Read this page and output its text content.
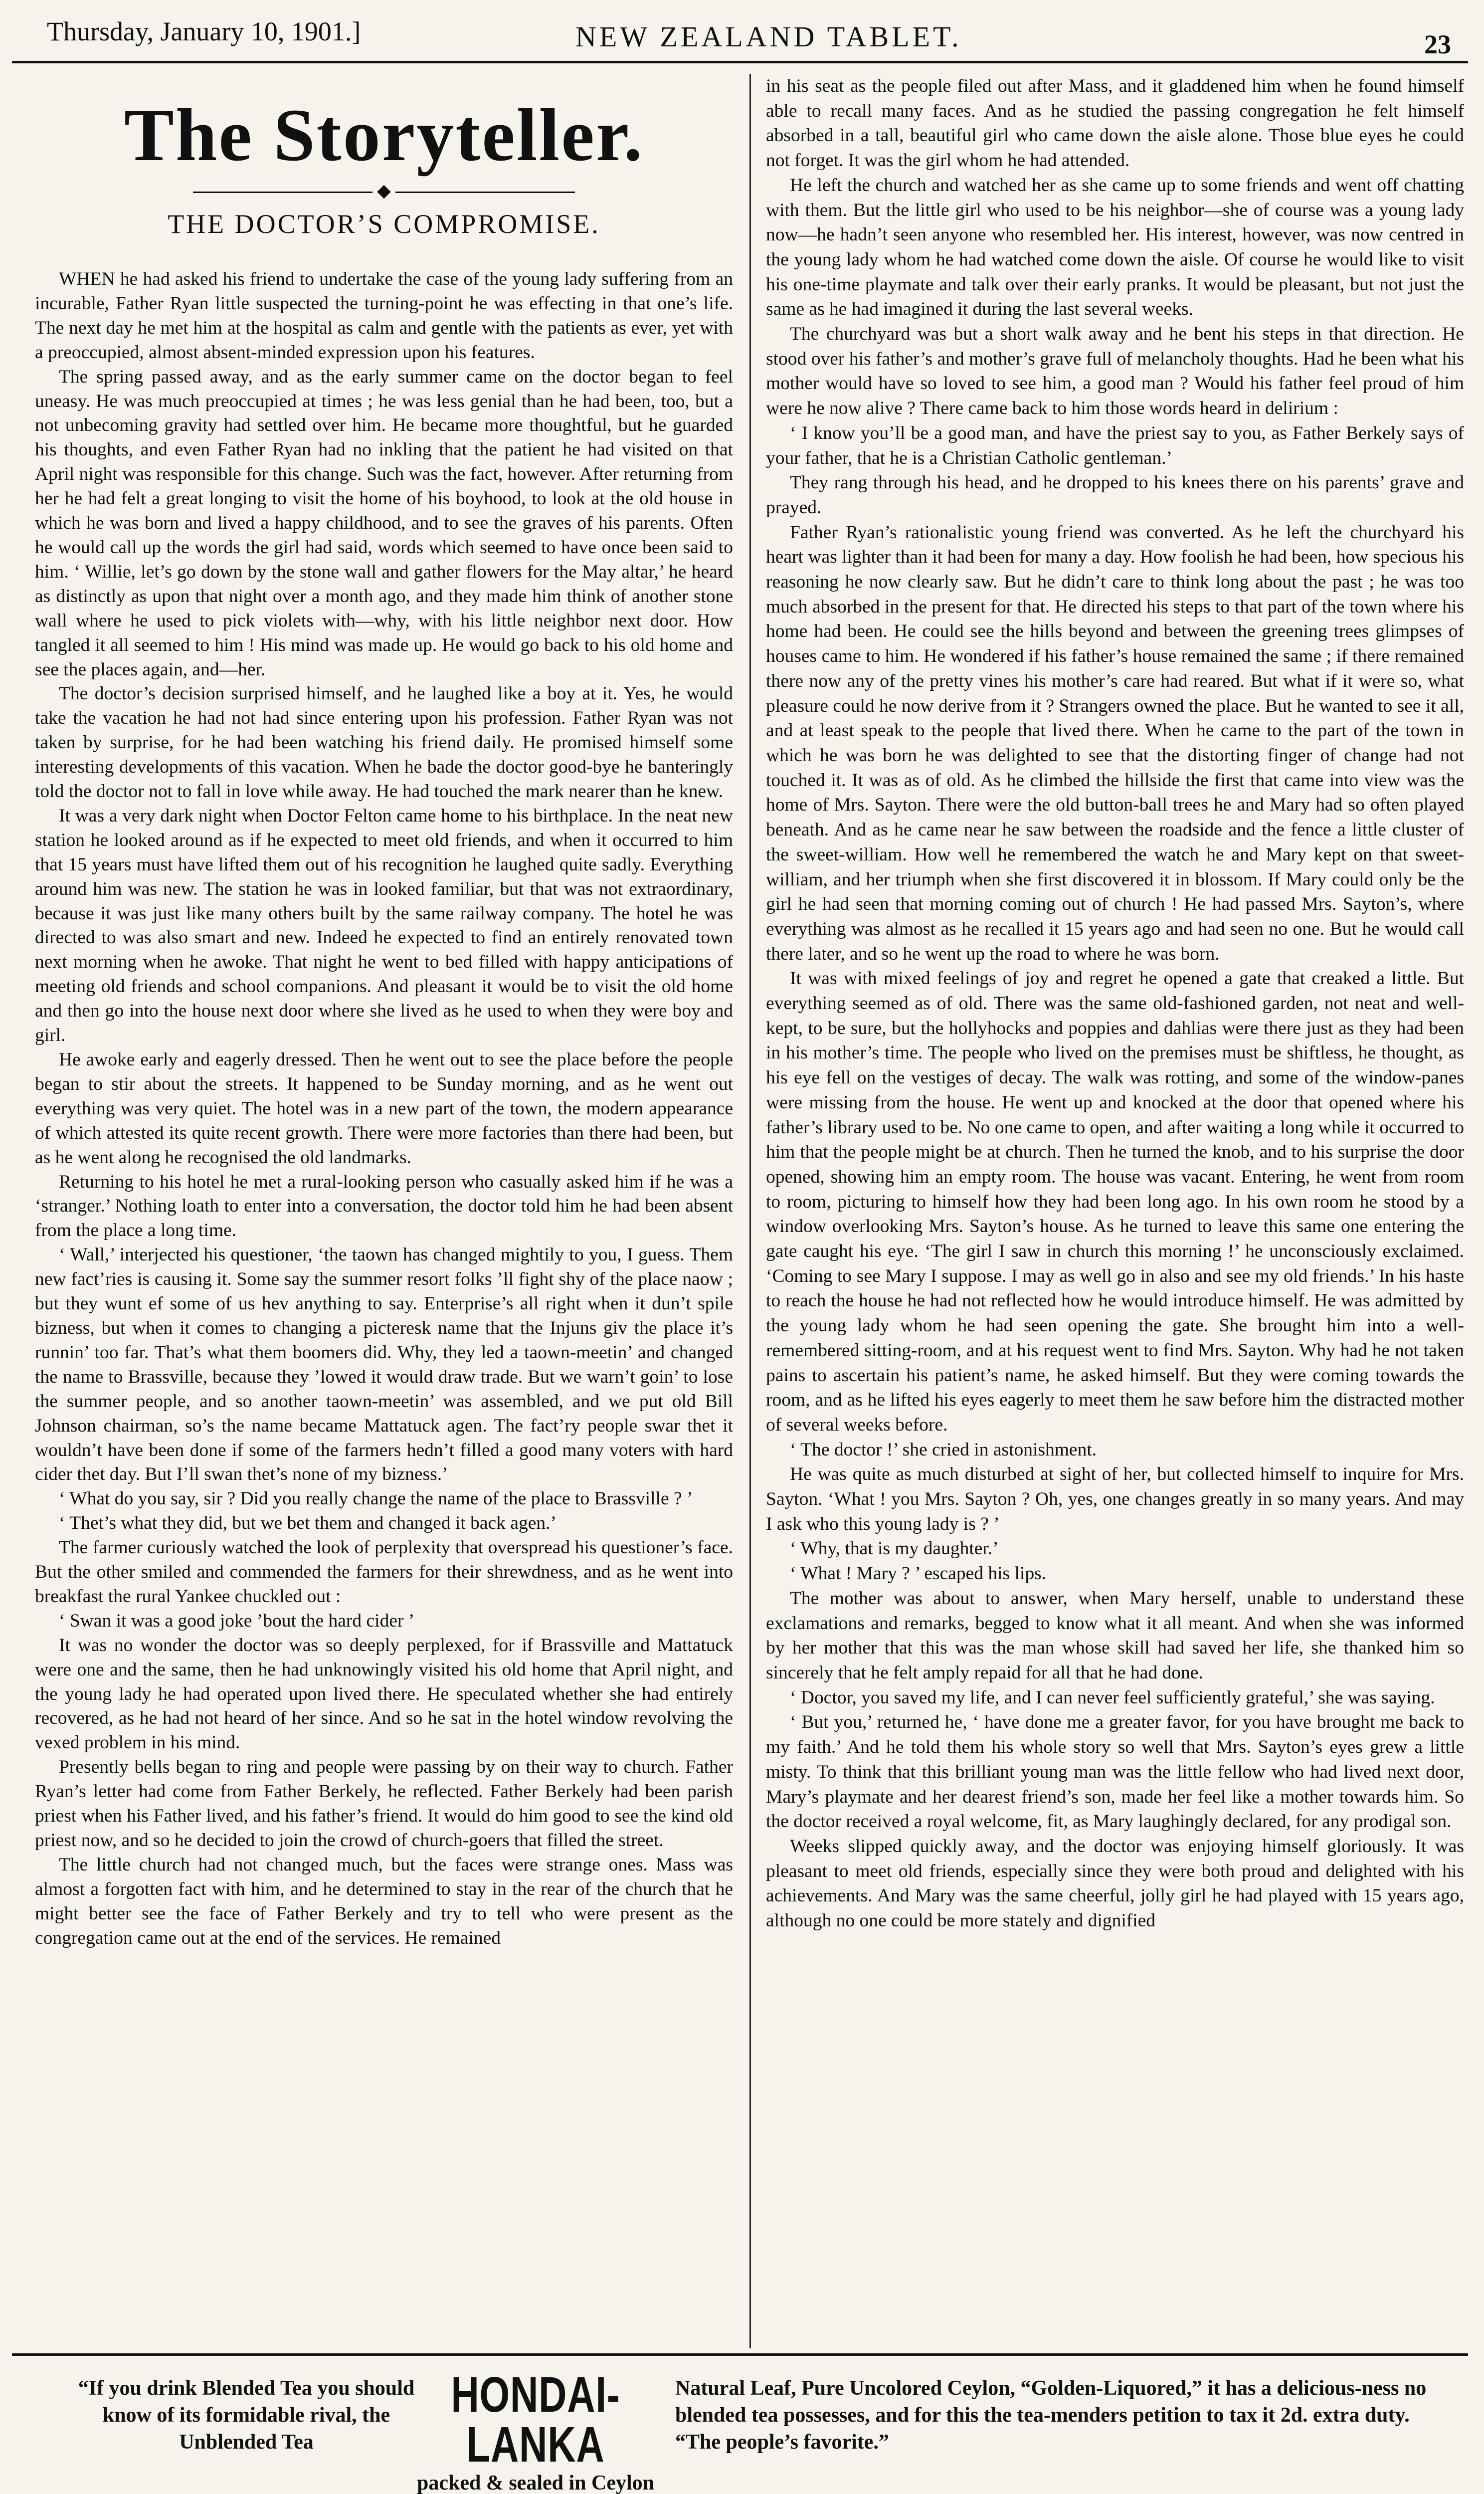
Thursday, January 10, 1901.]	NEW ZEALAND TABLET.	23
The Storyteller.
◆
THE DOCTOR’S COMPROMISE.

WHEN he had asked his friend to undertake the case of the young lady suffering from an incurable, Father Ryan little suspected the turning-point he was effecting in that one’s life. The next day he met him at the hospital as calm and gentle with the patients as ever, yet with a preoccupied, almost absent-minded expression upon his features.

The spring passed away, and as the early summer came on the doctor began to feel uneasy. He was much preoccupied at times ; he was less genial than he had been, too, but a not unbecoming gravity had settled over him. He became more thoughtful, but he guarded his thoughts, and even Father Ryan had no inkling that the patient he had visited on that April night was responsible for this change. Such was the fact, however. After returning from her he had felt a great longing to visit the home of his boyhood, to look at the old house in which he was born and lived a happy childhood, and to see the graves of his parents. Often he would call up the words the girl had said, words which seemed to have once been said to him. ‘ Willie, let’s go down by the stone wall and gather flowers for the May altar,’ he heard as distinctly as upon that night over a month ago, and they made him think of another stone wall where he used to pick violets with—why, with his little neighbor next door. How tangled it all seemed to him ! His mind was made up. He would go back to his old home and see the places again, and—her.

The doctor’s decision surprised himself, and he laughed like a boy at it. Yes, he would take the vacation he had not had since entering upon his profession. Father Ryan was not taken by surprise, for he had been watching his friend daily. He promised himself some interesting developments of this vacation. When he bade the doctor good-bye he banteringly told the doctor not to fall in love while away. He had touched the mark nearer than he knew.

It was a very dark night when Doctor Felton came home to his birthplace. In the neat new station he looked around as if he expected to meet old friends, and when it occurred to him that 15 years must have lifted them out of his recognition he laughed quite sadly. Everything around him was new. The station he was in looked familiar, but that was not extraordinary, because it was just like many others built by the same railway company. The hotel he was directed to was also smart and new. Indeed he expected to find an entirely renovated town next morning when he awoke. That night he went to bed filled with happy anticipations of meeting old friends and school companions. And pleasant it would be to visit the old home and then go into the house next door where she lived as he used to when they were boy and girl.

He awoke early and eagerly dressed. Then he went out to see the place before the people began to stir about the streets. It happened to be Sunday morning, and as he went out everything was very quiet. The hotel was in a new part of the town, the modern appearance of which attested its quite recent growth. There were more factories than there had been, but as he went along he recognised the old landmarks.

Returning to his hotel he met a rural-looking person who casually asked him if he was a ‘stranger.’ Nothing loath to enter into a conversation, the doctor told him he had been absent from the place a long time.

‘ Wall,’ interjected his questioner, ‘the taown has changed mightily to you, I guess. Them new fact’ries is causing it. Some say the summer resort folks ’ll fight shy of the place naow ; but they wunt ef some of us hev anything to say. Enterprise’s all right when it dun’t spile bizness, but when it comes to changing a picteresk name that the Injuns giv the place it’s runnin’ too far. That’s what them boomers did. Why, they led a taown-meetin’ and changed the name to Brassville, because they ’lowed it would draw trade. But we warn’t goin’ to lose the summer people, and so another taown-meetin’ was assembled, and we put old Bill Johnson chairman, so’s the name became Mattatuck agen. The fact’ry people swar thet it wouldn’t have been done if some of the farmers hedn’t filled a good many voters with hard cider thet day. But I’ll swan thet’s none of my bizness.’

‘ What do you say, sir ? Did you really change the name of the place to Brassville ? ’

‘ Thet’s what they did, but we bet them and changed it back agen.’

The farmer curiously watched the look of perplexity that overspread his questioner’s face. But the other smiled and commended the farmers for their shrewdness, and as he went into breakfast the rural Yankee chuckled out :

‘ Swan it was a good joke ’bout the hard cider ’

It was no wonder the doctor was so deeply perplexed, for if Brassville and Mattatuck were one and the same, then he had unknowingly visited his old home that April night, and the young lady he had operated upon lived there. He speculated whether she had entirely recovered, as he had not heard of her since. And so he sat in the hotel window revolving the vexed problem in his mind.

Presently bells began to ring and people were passing by on their way to church. Father Ryan’s letter had come from Father Berkely, he reflected. Father Berkely had been parish priest when his Father lived, and his father’s friend. It would do him good to see the kind old priest now, and so he decided to join the crowd of church-goers that filled the street.

The little church had not changed much, but the faces were strange ones. Mass was almost a forgotten fact with him, and he determined to stay in the rear of the church that he might better see the face of Father Berkely and try to tell who were present as the congregation came out at the end of the services. He remained

in his seat as the people filed out after Mass, and it gladdened him when he found himself able to recall many faces. And as he studied the passing congregation he felt himself absorbed in a tall, beautiful girl who came down the aisle alone. Those blue eyes he could not forget. It was the girl whom he had attended.

He left the church and watched her as she came up to some friends and went off chatting with them. But the little girl who used to be his neighbor—she of course was a young lady now—he hadn’t seen anyone who resembled her. His interest, however, was now centred in the young lady whom he had watched come down the aisle. Of course he would like to visit his one-time playmate and talk over their early pranks. It would be pleasant, but not just the same as he had imagined it during the last several weeks.

The churchyard was but a short walk away and he bent his steps in that direction. He stood over his father’s and mother’s grave full of melancholy thoughts. Had he been what his mother would have so loved to see him, a good man ? Would his father feel proud of him were he now alive ? There came back to him those words heard in delirium :

‘ I know you’ll be a good man, and have the priest say to you, as Father Berkely says of your father, that he is a Christian Catholic gentleman.’

They rang through his head, and he dropped to his knees there on his parents’ grave and prayed.

Father Ryan’s rationalistic young friend was converted. As he left the churchyard his heart was lighter than it had been for many a day. How foolish he had been, how specious his reasoning he now clearly saw. But he didn’t care to think long about the past ; he was too much absorbed in the present for that. He directed his steps to that part of the town where his home had been. He could see the hills beyond and between the greening trees glimpses of houses came to him. He wondered if his father’s house remained the same ; if there remained there now any of the pretty vines his mother’s care had reared. But what if it were so, what pleasure could he now derive from it ? Strangers owned the place. But he wanted to see it all, and at least speak to the people that lived there. When he came to the part of the town in which he was born he was delighted to see that the distorting finger of change had not touched it. It was as of old. As he climbed the hillside the first that came into view was the home of Mrs. Sayton. There were the old button-ball trees he and Mary had so often played beneath. And as he came near he saw between the roadside and the fence a little cluster of the sweet-william. How well he remembered the watch he and Mary kept on that sweet-william, and her triumph when she first discovered it in blossom. If Mary could only be the girl he had seen that morning coming out of church ! He had passed Mrs. Sayton’s, where everything was almost as he recalled it 15 years ago and had seen no one. But he would call there later, and so he went up the road to where he was born.

It was with mixed feelings of joy and regret he opened a gate that creaked a little. But everything seemed as of old. There was the same old-fashioned garden, not neat and well-kept, to be sure, but the hollyhocks and poppies and dahlias were there just as they had been in his mother’s time. The people who lived on the premises must be shiftless, he thought, as his eye fell on the vestiges of decay. The walk was rotting, and some of the window-panes were missing from the house. He went up and knocked at the door that opened where his father’s library used to be. No one came to open, and after waiting a long while it occurred to him that the people might be at church. Then he turned the knob, and to his surprise the door opened, showing him an empty room. The house was vacant. Entering, he went from room to room, picturing to himself how they had been long ago. In his own room he stood by a window overlooking Mrs. Sayton’s house. As he turned to leave this same one entering the gate caught his eye. ‘The girl I saw in church this morning !’ he unconsciously exclaimed. ‘Coming to see Mary I suppose. I may as well go in also and see my old friends.’ In his haste to reach the house he had not reflected how he would introduce himself. He was admitted by the young lady whom he had seen opening the gate. She brought him into a well-remembered sitting-room, and at his request went to find Mrs. Sayton. Why had he not taken pains to ascertain his patient’s name, he asked himself. But they were coming towards the room, and as he lifted his eyes eagerly to meet them he saw before him the distracted mother of several weeks before.

‘ The doctor !’ she cried in astonishment.

He was quite as much disturbed at sight of her, but collected himself to inquire for Mrs. Sayton. ‘What ! you Mrs. Sayton ? Oh, yes, one changes greatly in so many years. And may I ask who this young lady is ? ’

‘ Why, that is my daughter.’

‘ What ! Mary ? ’ escaped his lips.

The mother was about to answer, when Mary herself, unable to understand these exclamations and remarks, begged to know what it all meant. And when she was informed by her mother that this was the man whose skill had saved her life, she thanked him so sincerely that he felt amply repaid for all that he had done.

‘ Doctor, you saved my life, and I can never feel sufficiently grateful,’ she was saying.

‘ But you,’ returned he, ‘ have done me a greater favor, for you have brought me back to my faith.’ And he told them his whole story so well that Mrs. Sayton’s eyes grew a little misty. To think that this brilliant young man was the little fellow who had lived next door, Mary’s playmate and her dearest friend’s son, made her feel like a mother towards him. So the doctor received a royal welcome, fit, as Mary laughingly declared, for any prodigal son.

Weeks slipped quickly away, and the doctor was enjoying himself gloriously. It was pleasant to meet old friends, especially since they were both proud and delighted with his achievements. And Mary was the same cheerful, jolly girl he had played with 15 years ago, although no one could be more stately and dignified

“If you drink Blended Tea you should know of its formidable rival, the Unblended Tea
HONDAI-LANKA
packed & sealed in Ceylon
Natural Leaf, Pure Uncolored Ceylon, “Golden-Liquored,” it has a delicious-ness no blended tea possesses, and for this the tea-menders petition to tax it 2d. extra duty. “The people’s favorite.”
